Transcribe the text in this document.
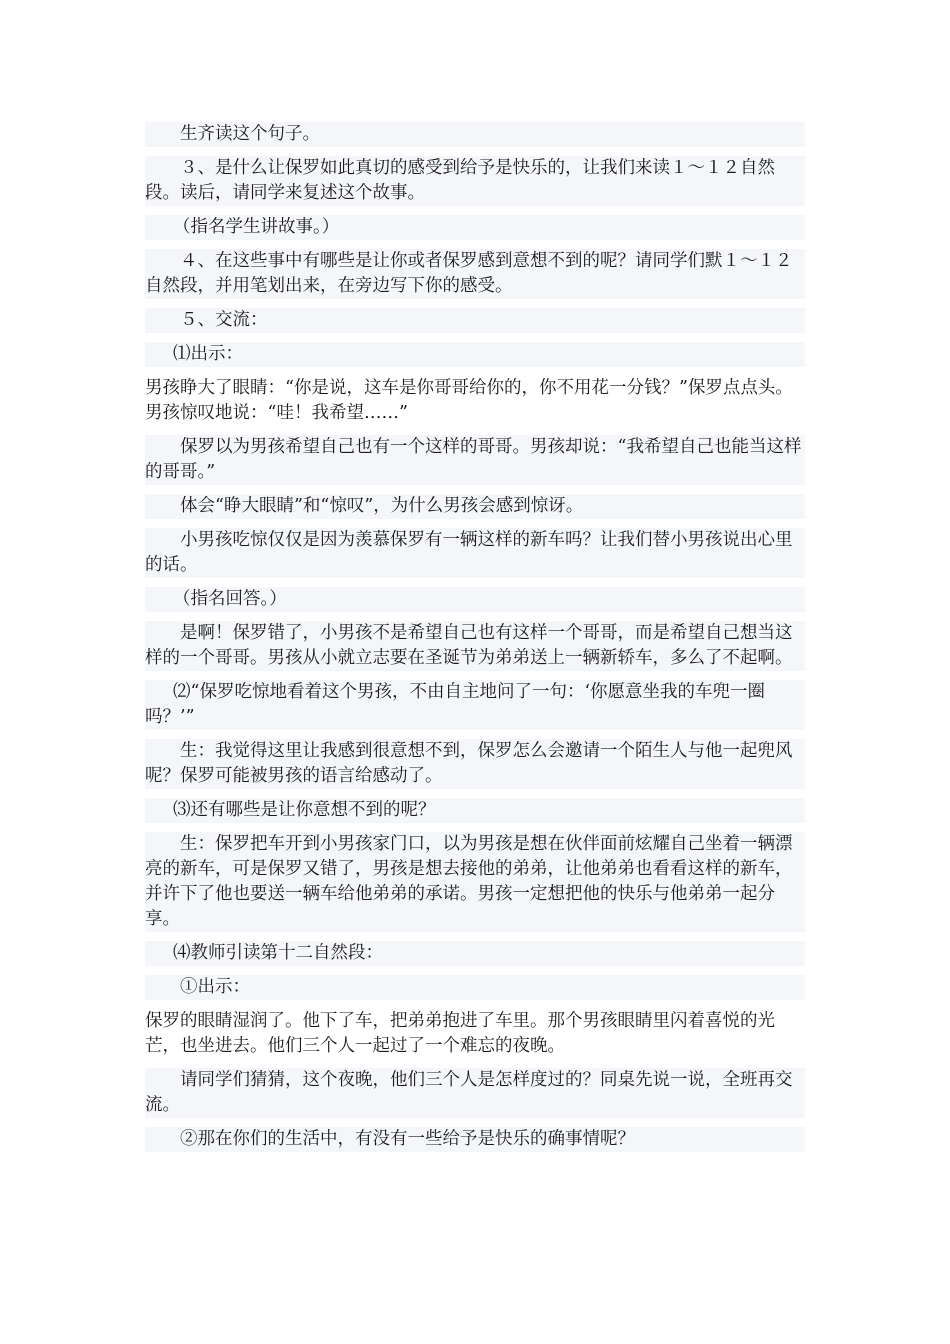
生齐读这个句子。

３、是什么让保罗如此真切的感受到给予是快乐的，让我们来读１～１２自然段。读后，请同学来复述这个故事。

（指名学生讲故事。）

４、在这些事中有哪些是让你或者保罗感到意想不到的呢？请同学们默１～１２自然段，并用笔划出来，在旁边写下你的感受。

５、交流：

⑴出示：

男孩睁大了眼睛：“你是说，这车是你哥哥给你的，你不用花一分钱？”保罗点点头。男孩惊叹地说：“哇！我希望……”

保罗以为男孩希望自己也有一个这样的哥哥。男孩却说：“我希望自己也能当这样的哥哥。”

体会“睁大眼睛”和“惊叹”，为什么男孩会感到惊讶。

小男孩吃惊仅仅是因为羡慕保罗有一辆这样的新车吗？让我们替小男孩说出心里的话。

（指名回答。）

是啊！保罗错了，小男孩不是希望自己也有这样一个哥哥，而是希望自己想当这样的一个哥哥。男孩从小就立志要在圣诞节为弟弟送上一辆新轿车，多么了不起啊。

⑵“保罗吃惊地看着这个男孩，不由自主地问了一句：‘你愿意坐我的车兜一圈吗？’”

生：我觉得这里让我感到很意想不到，保罗怎么会邀请一个陌生人与他一起兜风呢？保罗可能被男孩的语言给感动了。

⑶还有哪些是让你意想不到的呢？

生：保罗把车开到小男孩家门口，以为男孩是想在伙伴面前炫耀自己坐着一辆漂亮的新车，可是保罗又错了，男孩是想去接他的弟弟，让他弟弟也看看这样的新车，并许下了他也要送一辆车给他弟弟的承诺。男孩一定想把他的快乐与他弟弟一起分享。

⑷教师引读第十二自然段：

①出示：

保罗的眼睛湿润了。他下了车，把弟弟抱进了车里。那个男孩眼睛里闪着喜悦的光芒，也坐进去。他们三个人一起过了一个难忘的夜晚。

请同学们猜猜，这个夜晚，他们三个人是怎样度过的？同桌先说一说，全班再交流。

②那在你们的生活中，有没有一些给予是快乐的确事情呢？
